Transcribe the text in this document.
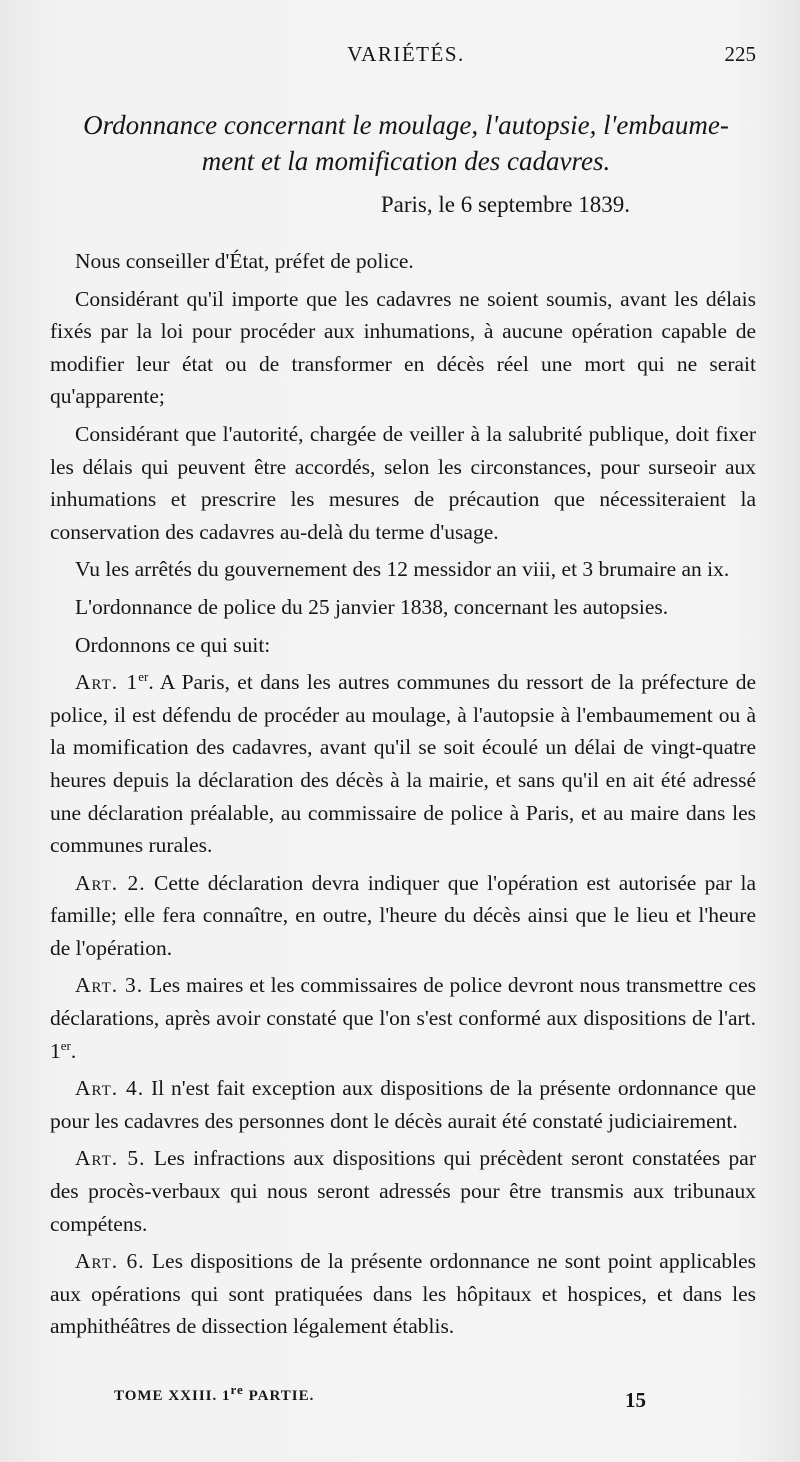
VARIÉTÉS.	225
Ordonnance concernant le moulage, l'autopsie, l'embaume-
ment et la momification des cadavres.
Paris, le 6 septembre 1839.

Nous conseiller d'État, préfet de police.

Considérant qu'il importe que les cadavres ne soient soumis, avant les délais fixés par la loi pour procéder aux inhumations, à aucune opération capable de modifier leur état ou de transformer en décès réel une mort qui ne serait qu'apparente;

Considérant que l'autorité, chargée de veiller à la salubrité publique, doit fixer les délais qui peuvent être accordés, selon les circonstances, pour surseoir aux inhumations et prescrire les mesures de précaution que nécessiteraient la conservation des cadavres au-delà du terme d'usage.

Vu les arrêtés du gouvernement des 12 messidor an viii, et 3 brumaire an ix.

L'ordonnance de police du 25 janvier 1838, concernant les autopsies.

Ordonnons ce qui suit:

Art. 1er. A Paris, et dans les autres communes du ressort de la préfecture de police, il est défendu de procéder au moulage, à l'autopsie à l'embaumement ou à la momification des cadavres, avant qu'il se soit écoulé un délai de vingt-quatre heures depuis la déclaration des décès à la mairie, et sans qu'il en ait été adressé une déclaration préalable, au commissaire de police à Paris, et au maire dans les communes rurales.

Art. 2. Cette déclaration devra indiquer que l'opération est autorisée par la famille; elle fera connaître, en outre, l'heure du décès ainsi que le lieu et l'heure de l'opération.

Art. 3. Les maires et les commissaires de police devront nous transmettre ces déclarations, après avoir constaté que l'on s'est conformé aux dispositions de l'art. 1er.

Art. 4. Il n'est fait exception aux dispositions de la présente ordonnance que pour les cadavres des personnes dont le décès aurait été constaté judiciairement.

Art. 5. Les infractions aux dispositions qui précèdent seront constatées par des procès-verbaux qui nous seront adressés pour être transmis aux tribunaux compétens.

Art. 6. Les dispositions de la présente ordonnance ne sont point applicables aux opérations qui sont pratiquées dans les hôpitaux et hospices, et dans les amphithéâtres de dissection légalement établis.

TOME XXIII. 1re PARTIE.	15
